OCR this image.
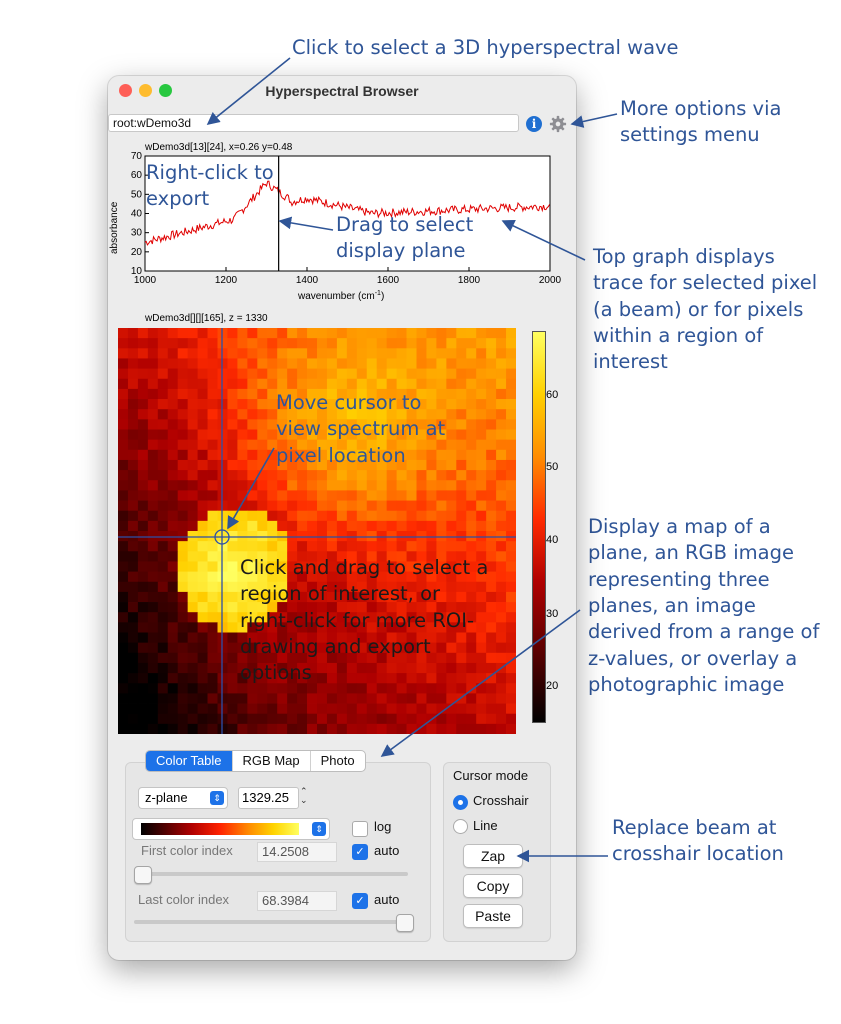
Click to select a 3D hyperspectral wave
More options via
settings menu
Top graph displays
trace for selected pixel
(a beam) or for pixels
within a region of
interest
Display a map of a
plane, an RGB image
representing three
planes, an image
derived from a range of
z-values, or overlay a
photographic image
Replace beam at
crosshair location
Hyperspectral Browser
root:wDemo3d	i
wDemo3d[13][24], x=0.26 y=0.48
1000	1200	1400	1600	1800	2000
10
20
30
40
50
60
70
absorbance
wavenumber $(cm^{-1})$
wDemo3d[][][165], z = 1330
60
50
40
30
20
z-plane	⇕	1329.25	⌃
⌄
⇕	log
First color index	14.2508	✓ auto
Last color index	68.3984	✓ auto
Color Table	RGB Map	Photo
Cursor mode
Crosshair
Line
Zap
Copy
Paste
Right-click to
export
Drag to select
display plane
Move cursor to
view spectrum at
pixel location
Click and drag to select a
region of interest, or
right-click for more ROI-
drawing and export
options
